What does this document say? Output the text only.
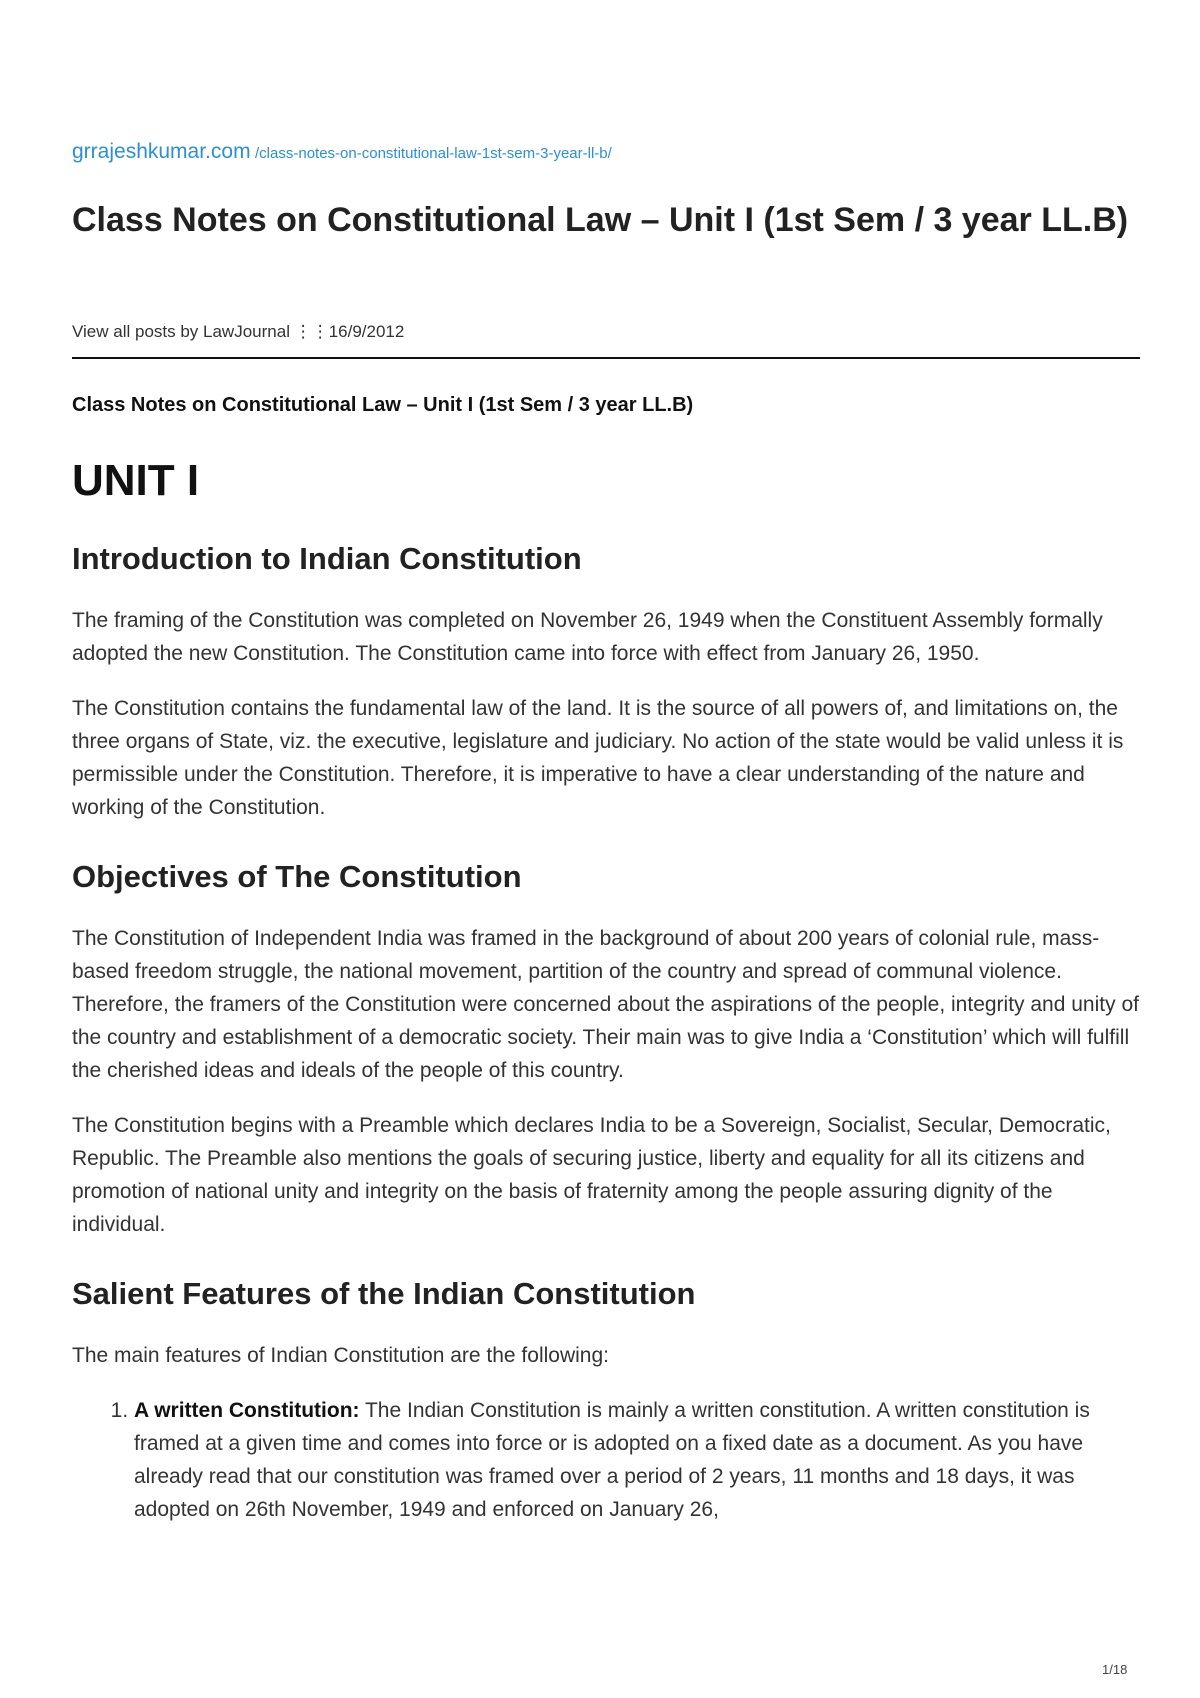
grrajeshkumar.com /class-notes-on-constitutional-law-1st-sem-3-year-ll-b/
Class Notes on Constitutional Law – Unit I (1st Sem / 3 year LL.B)
View all posts by LawJournal ⋮⋮16/9/2012
Class Notes on Constitutional Law – Unit I (1st Sem / 3 year LL.B)
UNIT I
Introduction to Indian Constitution

The framing of the Constitution was completed on November 26, 1949 when the Constituent Assembly formally adopted the new Constitution. The Constitution came into force with effect from January 26, 1950.

The Constitution contains the fundamental law of the land. It is the source of all powers of, and limitations on, the three organs of State, viz. the executive, legislature and judiciary. No action of the state would be valid unless it is permissible under the Constitution. Therefore, it is imperative to have a clear understanding of the nature and working of the Constitution.

Objectives of The Constitution

The Constitution of Independent India was framed in the background of about 200 years of colonial rule, mass-based freedom struggle, the national movement, partition of the country and spread of communal violence. Therefore, the framers of the Constitution were concerned about the aspirations of the people, integrity and unity of the country and establishment of a democratic society. Their main was to give India a ‘Constitution’ which will fulfill the cherished ideas and ideals of the people of this country.

The Constitution begins with a Preamble which declares India to be a Sovereign, Socialist, Secular, Democratic, Republic. The Preamble also mentions the goals of securing justice, liberty and equality for all its citizens and promotion of national unity and integrity on the basis of fraternity among the people assuring dignity of the individual.

Salient Features of the Indian Constitution

The main features of Indian Constitution are the following:

1. A written Constitution: The Indian Constitution is mainly a written constitution. A written constitution is framed at a given time and comes into force or is adopted on a fixed date as a document. As you have already read that our constitution was framed over a period of 2 years, 11 months and 18 days, it was adopted on 26th November, 1949 and enforced on January 26,
1/18
